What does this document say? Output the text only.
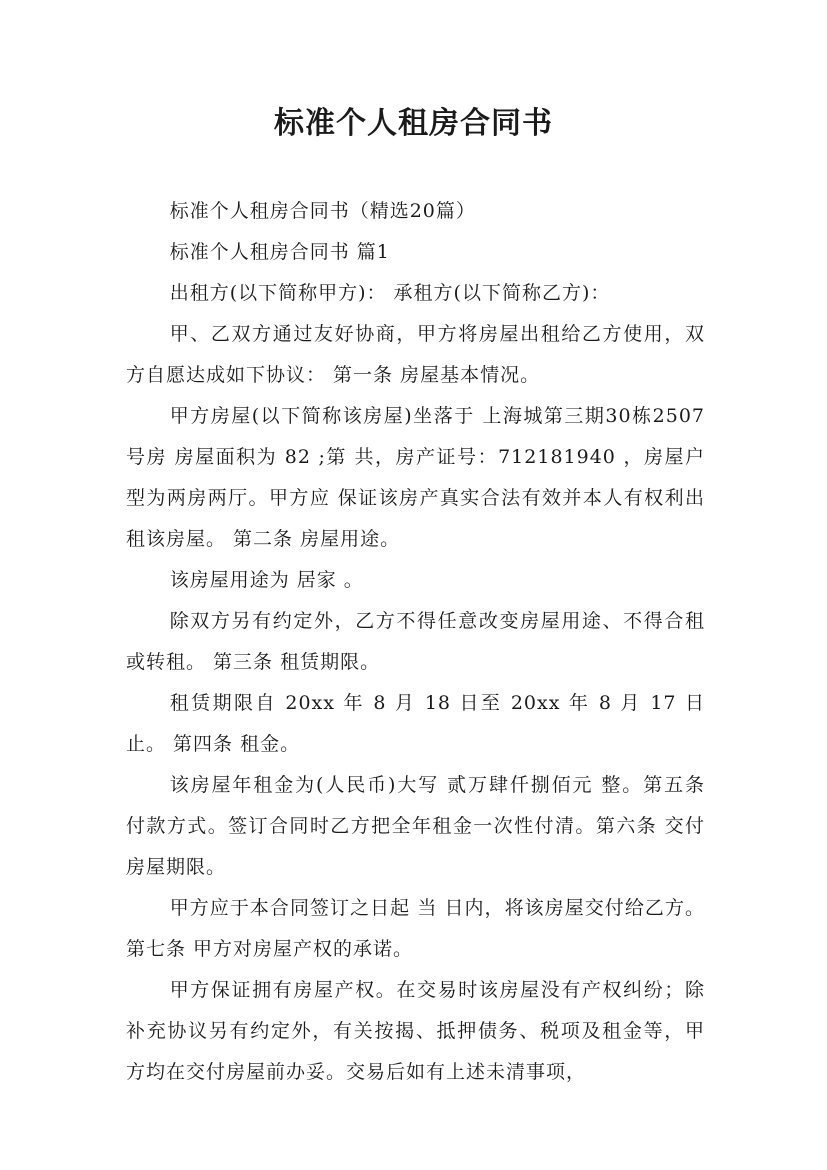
标准个人租房合同书

标准个人租房合同书（精选20篇）

标准个人租房合同书 篇1

出租方(以下简称甲方)： 承租方(以下简称乙方)：

甲、乙双方通过友好协商，甲方将房屋出租给乙方使用，双方自愿达成如下协议： 第一条 房屋基本情况。

甲方房屋(以下简称该房屋)坐落于 上海城第三期30栋2507号房 房屋面积为 82 ;第 共，房产证号：712181940 ，房屋户型为两房两厅。甲方应 保证该房产真实合法有效并本人有权利出租该房屋。 第二条 房屋用途。

该房屋用途为 居家 。

除双方另有约定外，乙方不得任意改变房屋用途、不得合租或转租。 第三条 租赁期限。

租赁期限自 20xx 年 8 月 18 日至 20xx 年 8 月 17 日止。 第四条 租金。

该房屋年租金为(人民币)大写 贰万肆仟捌佰元 整。第五条 付款方式。签订合同时乙方把全年租金一次性付清。第六条 交付房屋期限。

甲方应于本合同签订之日起 当 日内，将该房屋交付给乙方。 第七条 甲方对房屋产权的承诺。

甲方保证拥有房屋产权。在交易时该房屋没有产权纠纷；除补充协议另有约定外，有关按揭、抵押债务、税项及租金等，甲方均在交付房屋前办妥。交易后如有上述未清事项，
